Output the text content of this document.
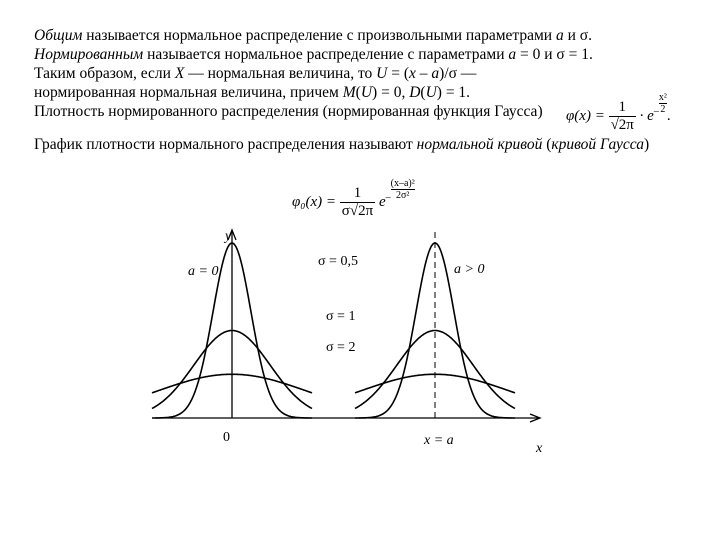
Общим называется нормальное распределение с произвольными параметрами a и σ.
Нормированным называется нормальное распределение с параметрами a = 0 и σ = 1.
Таким образом, если X — нормальная величина, то U = (x – a)/σ —
нормированная нормальная величина, причем M(U) = 0, D(U) = 1.
Плотность нормированного распределения (нормированная функция Гаусса)
График плотности нормального распределения называют нормальной кривой (кривой Гаусса)
$\varphi(x) = \frac{1}{√2\pi} \cdot e^- \frac{\text{x²}}{2}$
.
$\varphi_0(x) = \frac{1}{\sigma√2\pi} e^- \frac{\text{(x–a)²}}{\text{2σ²}}$
y
x
a = 0	a > 0
σ = 0,5
σ = 1
σ = 2
0	x = a
